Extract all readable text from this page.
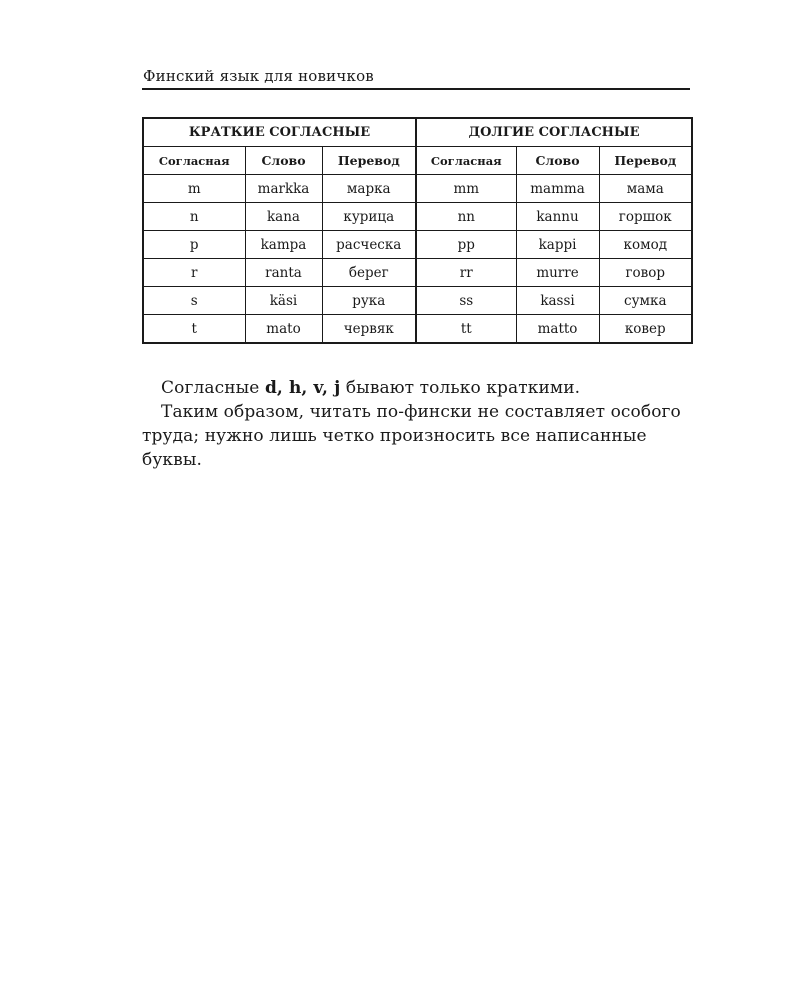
Финский язык для новичков
КРАТКИЕ СОГЛАСНЫЕ			ДОЛГИЕ СОГЛАСНЫЕ		
Согласная	Слово	Перевод	Согласная	Слово	Перевод
m	markka	марка	mm	mamma	мама
n	kana	курица	nn	kannu	горшок
p	kampa	расческа	pp	kappi	комод
r	ranta	берег	rr	murre	говор
s	käsi	рука	ss	kassi	сумка
t	mato	червяк	tt	matto	ковер

Согласные d, h, v, j бывают только краткими.

Таким образом, читать по-фински не составляет особого труда; нужно лишь четко произносить все написанные буквы.
